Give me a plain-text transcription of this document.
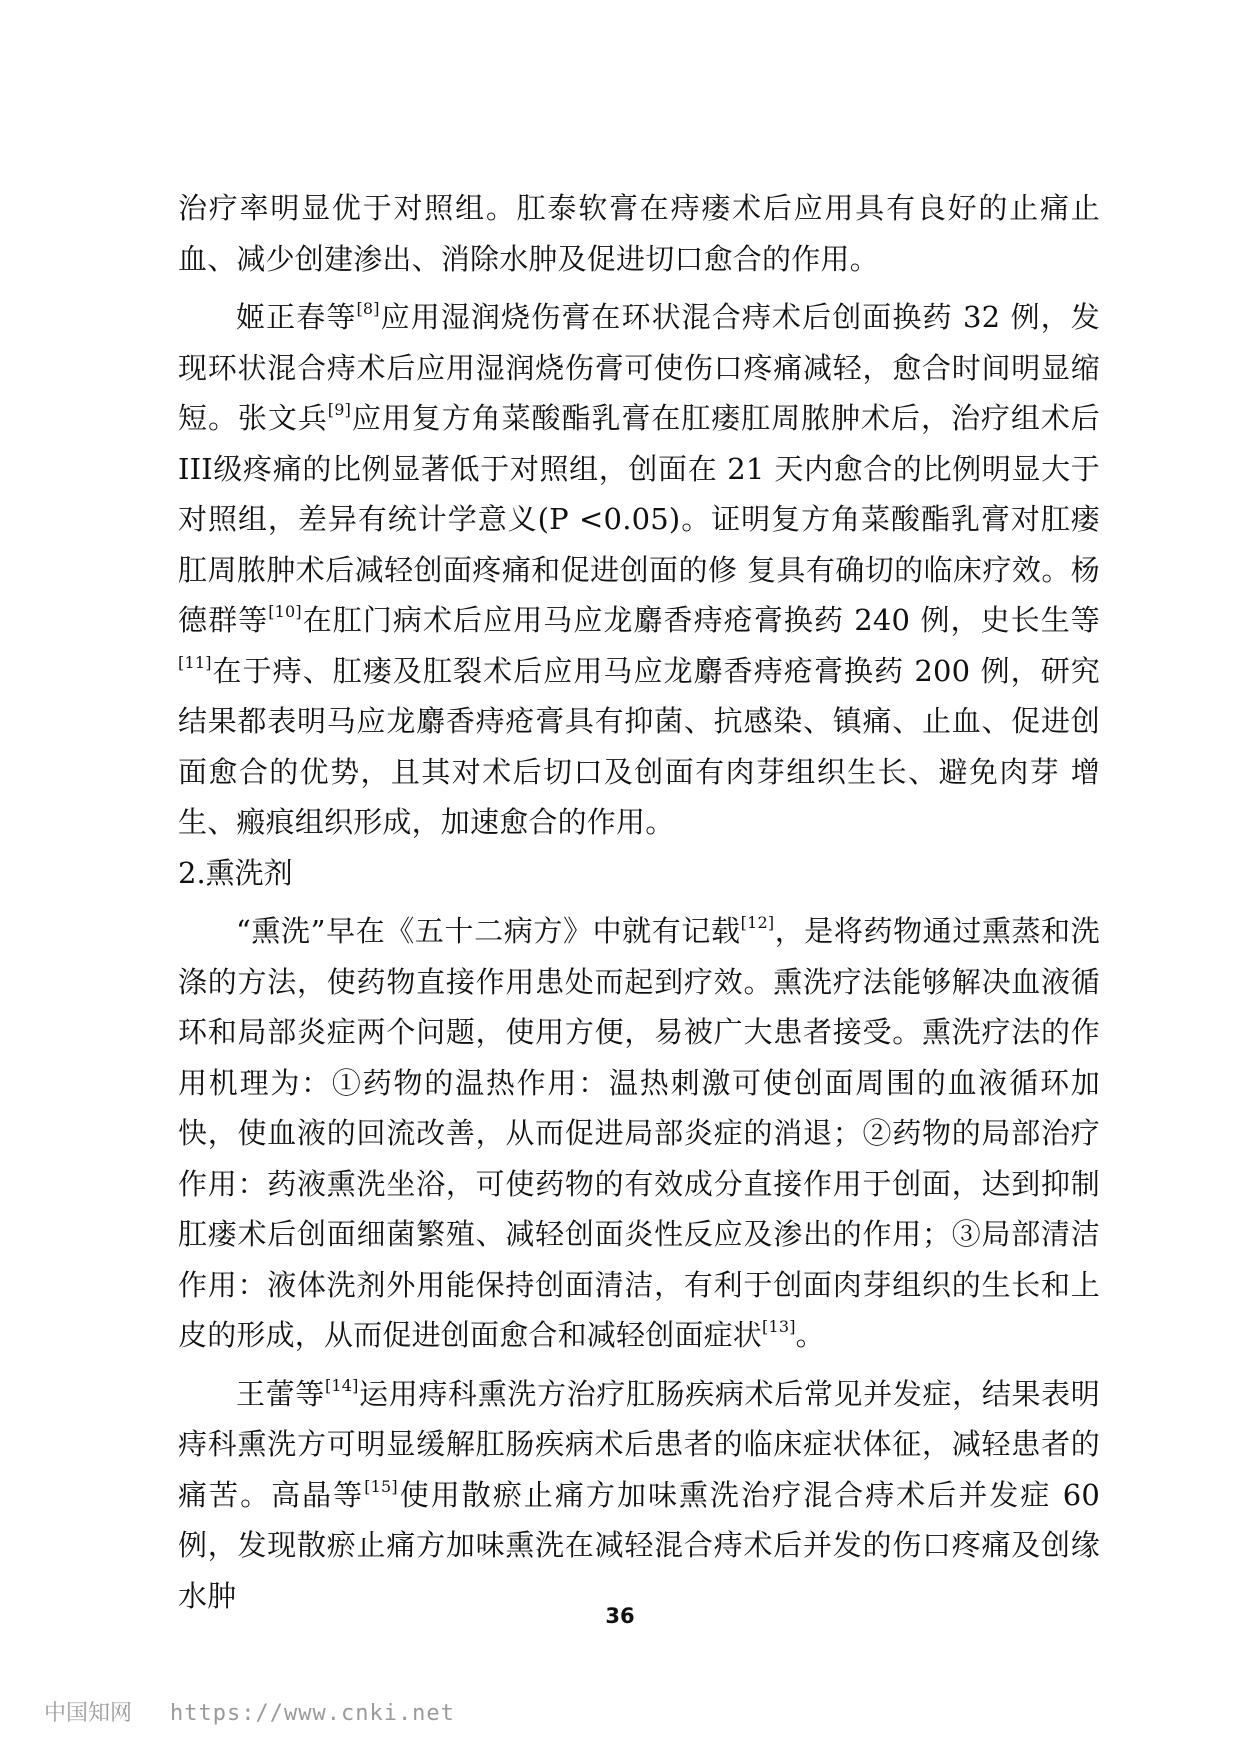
治疗率明显优于对照组。肛泰软膏在痔瘘术后应用具有良好的止痛止血、减少创建渗出、消除水肿及促进切口愈合的作用。

姬正春等[8]应用湿润烧伤膏在环状混合痔术后创面换药 32 例，发现环状混合痔术后应用湿润烧伤膏可使伤口疼痛减轻，愈合时间明显缩短。张文兵[9]应用复方角菜酸酯乳膏在肛瘘肛周脓肿术后，治疗组术后III级疼痛的比例显著低于对照组，创面在 21 天内愈合的比例明显大于对照组，差异有统计学意义(P <0.05)。证明复方角菜酸酯乳膏对肛瘘肛周脓肿术后减轻创面疼痛和促进创面的修 复具有确切的临床疗效。杨德群等[10]在肛门病术后应用马应龙麝香痔疮膏换药 240 例，史长生等[11]在于痔、肛瘘及肛裂术后应用马应龙麝香痔疮膏换药 200 例，研究结果都表明马应龙麝香痔疮膏具有抑菌、抗感染、镇痛、止血、促进创面愈合的优势，且其对术后切口及创面有肉芽组织生长、避免肉芽 增生、瘢痕组织形成，加速愈合的作用。

2.熏洗剂

“熏洗”早在《五十二病方》中就有记载[12]，是将药物通过熏蒸和洗涤的方法，使药物直接作用患处而起到疗效。熏洗疗法能够解决血液循环和局部炎症两个问题，使用方便，易被广大患者接受。熏洗疗法的作用机理为：①药物的温热作用：温热刺激可使创面周围的血液循环加快，使血液的回流改善，从而促进局部炎症的消退；②药物的局部治疗作用：药液熏洗坐浴，可使药物的有效成分直接作用于创面，达到抑制肛瘘术后创面细菌繁殖、减轻创面炎性反应及渗出的作用；③局部清洁作用：液体洗剂外用能保持创面清洁，有利于创面肉芽组织的生长和上皮的形成，从而促进创面愈合和减轻创面症状[13]。

王蕾等[14]运用痔科熏洗方治疗肛肠疾病术后常见并发症，结果表明痔科熏洗方可明显缓解肛肠疾病术后患者的临床症状体征，减轻患者的痛苦。高晶等[15]使用散瘀止痛方加味熏洗治疗混合痔术后并发症 60 例，发现散瘀止痛方加味熏洗在减轻混合痔术后并发的伤口疼痛及创缘水肿

36
中国知网 https://www.cnki.net
